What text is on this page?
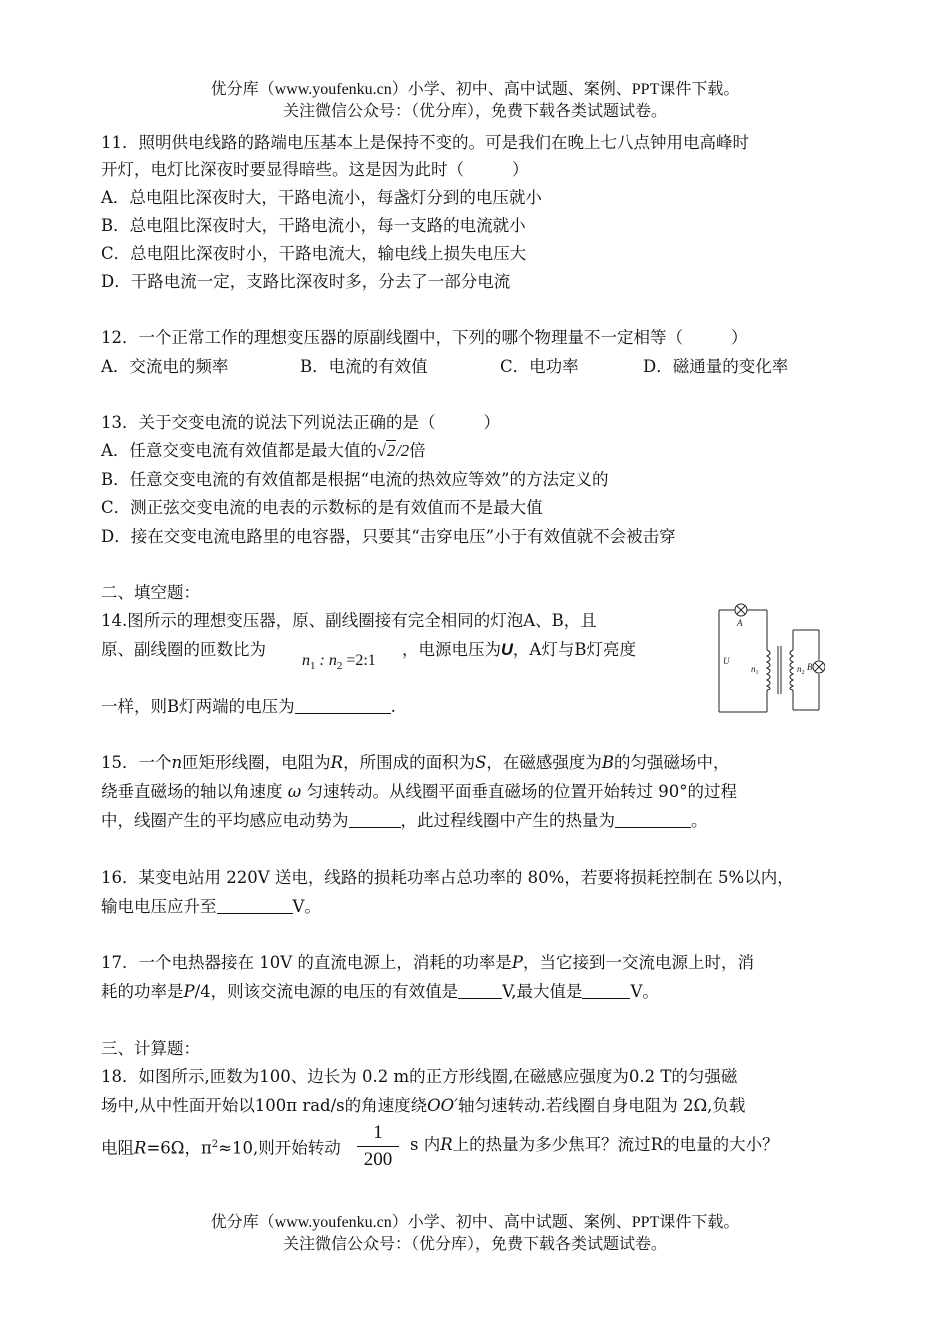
优分库（www.youfenku.cn）小学、初中、高中试题、案例、PPT课件下载。
关注微信公众号：（优分库），免费下载各类试题试卷。
11．照明供电线路的路端电压基本上是保持不变的。可是我们在晚上七八点钟用电高峰时
开灯，电灯比深夜时要显得暗些。这是因为此时（	）
A．总电阻比深夜时大，干路电流小，每盏灯分到的电压就小
B．总电阻比深夜时大，干路电流小，每一支路的电流就小
C．总电阻比深夜时小，干路电流大，输电线上损失电压大
D．干路电流一定，支路比深夜时多，分去了一部分电流
12．一个正常工作的理想变压器的原副线圈中，下列的哪个物理量不一定相等（	）
A．交流电的频率	B．电流的有效值	C．电功率	D．磁通量的变化率
13．关于交变电流的说法下列说法正确的是（	）
A．任意交变电流有效值都是最大值的√2/2倍
B．任意交变电流的有效值都是根据“电流的热效应等效”的方法定义的
C．测正弦交变电流的电表的示数标的是有效值而不是最大值
D．接在交变电流电路里的电容器，只要其“击穿电压”小于有效值就不会被击穿
二、填空题：
14.图所示的理想变压器，原、副线圈接有完全相同的灯泡A、B，且
原、副线圈的匝数比为
$n_1$ : $n_2$ =2:1
，电源电压为U，A灯与B灯亮度
一样，则B灯两端的电压为	.
A
B
U
$n_1$	$n_2$
15．一个n匝矩形线圈，电阻为R，所围成的面积为S，在磁感强度为B的匀强磁场中，
绕垂直磁场的轴以角速度 ω 匀速转动。从线圈平面垂直磁场的位置开始转过 90°的过程
中，线圈产生的平均感应电动势为	，此过程线圈中产生的热量为	。
16．某变电站用 220V 送电，线路的损耗功率占总功率的 80%，若要将损耗控制在 5%以内，
输电电压应升至	V。
17．一个电热器接在 10V 的直流电源上，消耗的功率是P，当它接到一交流电源上时，消
耗的功率是P/4，则该交流电源的电压的有效值是	V,最大值是	V。
三、计算题：
18．如图所示,匝数为100、边长为 0.2 m的正方形线圈,在磁感应强度为0.2 T的匀强磁
场中,从中性面开始以100π rad/s的角速度绕OO′轴匀速转动.若线圈自身电阻为 2Ω,负载
电阻R=6Ω，$\pi^2\approx 10$,则开始转动
1
200
s 内R上的热量为多少焦耳？流过R的电量的大小？
优分库（www.youfenku.cn）小学、初中、高中试题、案例、PPT课件下载。
关注微信公众号：（优分库），免费下载各类试题试卷。
